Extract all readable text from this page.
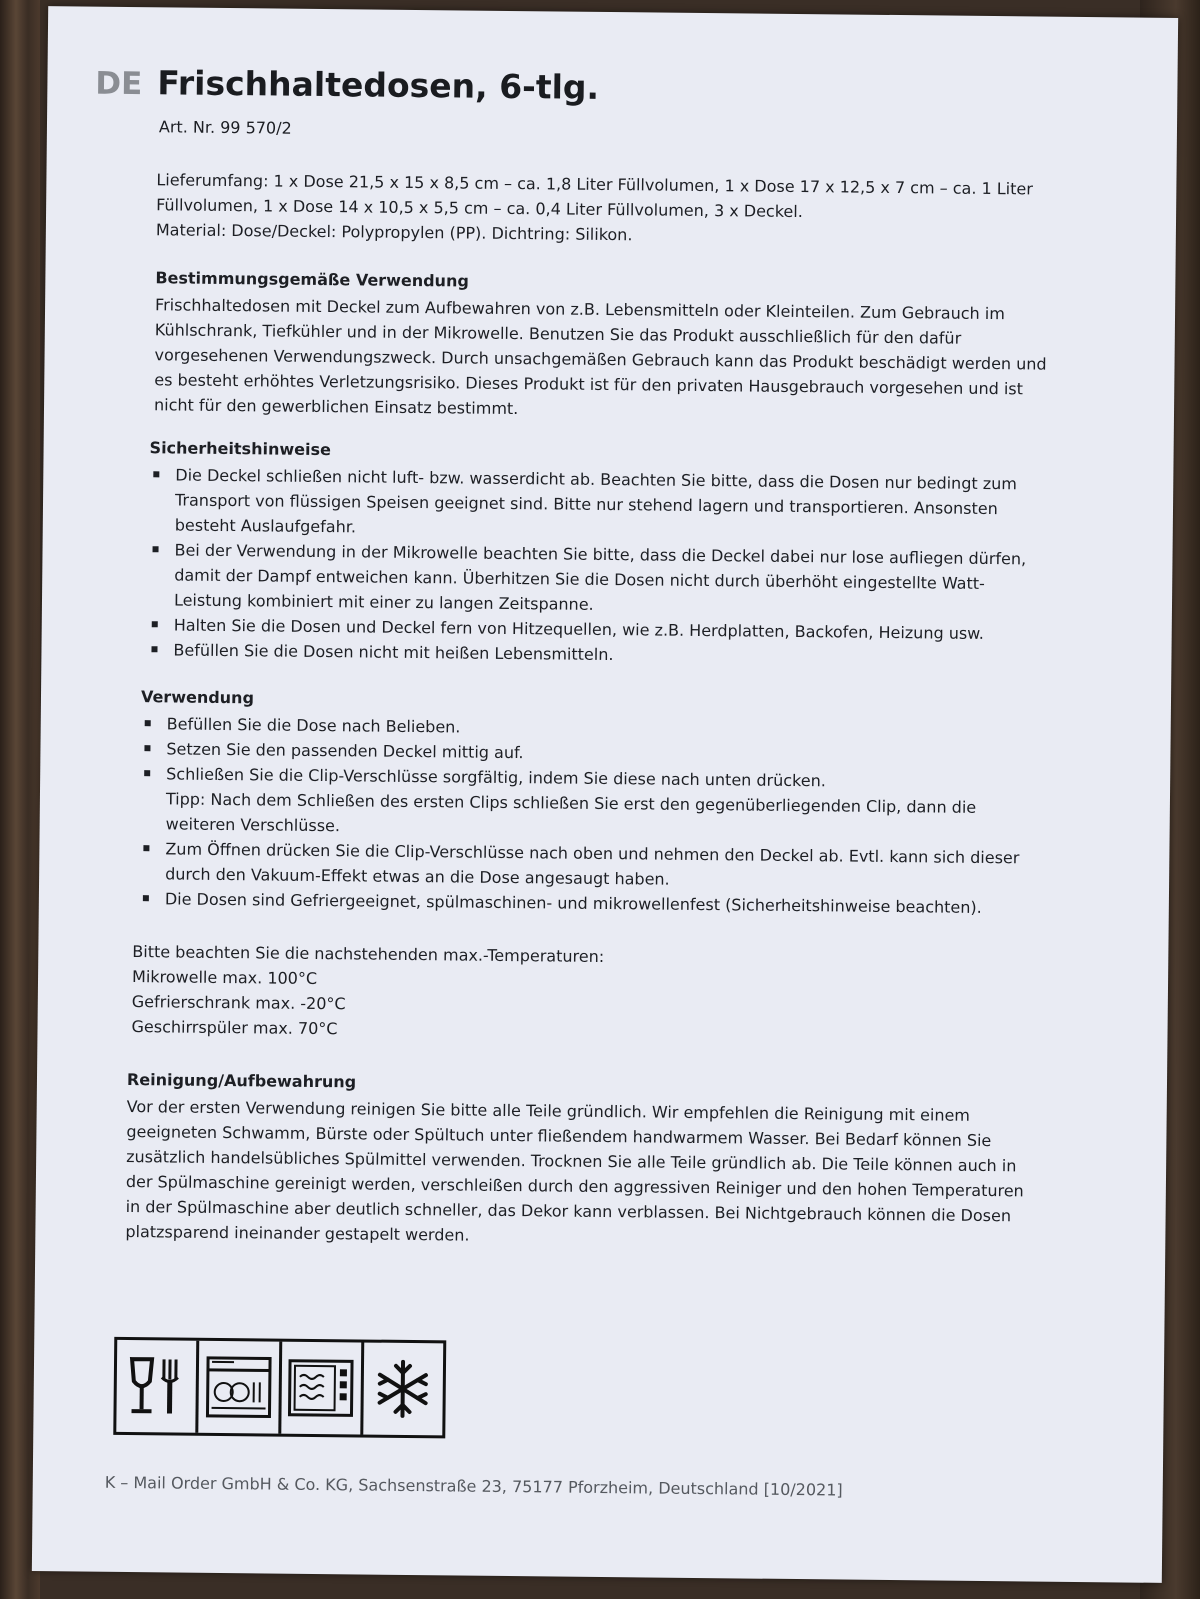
DE Frischhaltedosen, 6-tlg.
Art. Nr. 99 570/2

Lieferumfang: 1 x Dose 21,5 x 15 x 8,5 cm – ca. 1,8 Liter Füllvolumen, 1 x Dose 17 x 12,5 x 7 cm – ca. 1 Liter Füllvolumen, 1 x Dose 14 x 10,5 x 5,5 cm – ca. 0,4 Liter Füllvolumen, 3 x Deckel.

Material: Dose/Deckel: Polypropylen (PP). Dichtring: Silikon.

Bestimmungsgemäße Verwendung

Frischhaltedosen mit Deckel zum Aufbewahren von z.B. Lebensmitteln oder Kleinteilen. Zum Gebrauch im Kühlschrank, Tiefkühler und in der Mikrowelle. Benutzen Sie das Produkt ausschließlich für den dafür vorgesehenen Verwendungszweck. Durch unsachgemäßen Gebrauch kann das Produkt beschädigt werden und es besteht erhöhtes Verletzungsrisiko. Dieses Produkt ist für den privaten Hausgebrauch vorgesehen und ist nicht für den gewerblichen Einsatz bestimmt.

Sicherheitshinweise
Die Deckel schließen nicht luft- bzw. wasserdicht ab. Beachten Sie bitte, dass die Dosen nur bedingt zum Transport von flüssigen Speisen geeignet sind. Bitte nur stehend lagern und transportieren. Ansonsten besteht Auslaufgefahr.
Bei der Verwendung in der Mikrowelle beachten Sie bitte, dass die Deckel dabei nur lose aufliegen dürfen, damit der Dampf entweichen kann. Überhitzen Sie die Dosen nicht durch überhöht eingestellte Watt-Leistung kombiniert mit einer zu langen Zeitspanne.
Halten Sie die Dosen und Deckel fern von Hitzequellen, wie z.B. Herdplatten, Backofen, Heizung usw.
Befüllen Sie die Dosen nicht mit heißen Lebensmitteln.
Verwendung
Befüllen Sie die Dose nach Belieben.
Setzen Sie den passenden Deckel mittig auf.
Schließen Sie die Clip-Verschlüsse sorgfältig, indem Sie diese nach unten drücken.
Tipp: Nach dem Schließen des ersten Clips schließen Sie erst den gegenüberliegenden Clip, dann die weiteren Verschlüsse.
Zum Öffnen drücken Sie die Clip-Verschlüsse nach oben und nehmen den Deckel ab. Evtl. kann sich dieser durch den Vakuum-Effekt etwas an die Dose angesaugt haben.
Die Dosen sind Gefriergeeignet, spülmaschinen- und mikrowellenfest (Sicherheitshinweise beachten).

Bitte beachten Sie die nachstehenden max.-Temperaturen:

Mikrowelle max. 100°C

Gefrierschrank max. -20°C

Geschirrspüler max. 70°C

Reinigung/Aufbewahrung

Vor der ersten Verwendung reinigen Sie bitte alle Teile gründlich. Wir empfehlen die Reinigung mit einem geeigneten Schwamm, Bürste oder Spültuch unter fließendem handwarmem Wasser. Bei Bedarf können Sie zusätzlich handelsübliches Spülmittel verwenden. Trocknen Sie alle Teile gründlich ab. Die Teile können auch in der Spülmaschine gereinigt werden, verschleißen durch den aggressiven Reiniger und den hohen Temperaturen in der Spülmaschine aber deutlich schneller, das Dekor kann verblassen. Bei Nichtgebrauch können die Dosen platzsparend ineinander gestapelt werden.

K – Mail Order GmbH & Co. KG, Sachsenstraße 23, 75177 Pforzheim, Deutschland [10/2021]
